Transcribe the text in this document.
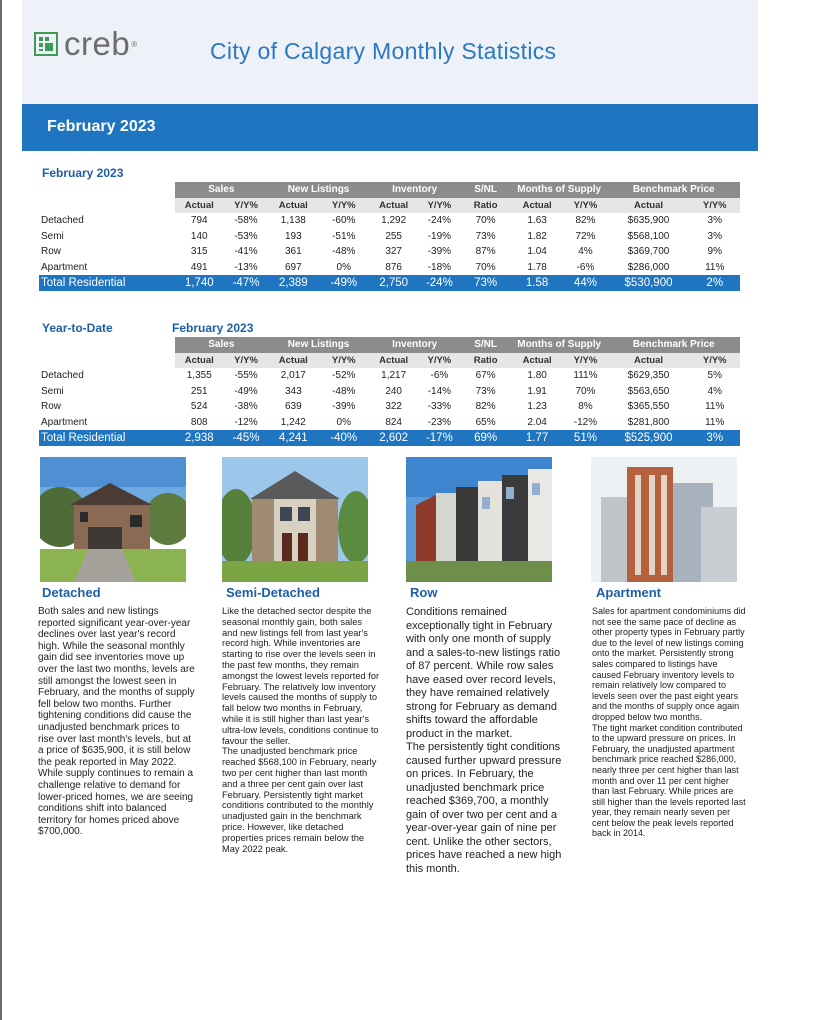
creb ®	City of Calgary Monthly Statistics
February 2023
February 2023
	Sales		New Listings		Inventory		S/NL	Months of Supply		Benchmark Price	
	Actual	Y/Y%	Actual	Y/Y%	Actual	Y/Y%	Ratio	Actual	Y/Y%	Actual	Y/Y%
Detached	794	-58%	1,138	-60%	1,292	-24%	70%	1.63	82%	$635,900	3%
Semi	140	-53%	193	-51%	255	-19%	73%	1.82	72%	$568,100	3%
Row	315	-41%	361	-48%	327	-39%	87%	1.04	4%	$369,700	9%
Apartment	491	-13%	697	0%	876	-18%	70%	1.78	-6%	$286,000	11%
Total Residential	1,740	-47%	2,389	-49%	2,750	-24%	73%	1.58	44%	$530,900	2%
Year-to-Date	February 2023
	Sales		New Listings		Inventory		S/NL	Months of Supply		Benchmark Price	
	Actual	Y/Y%	Actual	Y/Y%	Actual	Y/Y%	Ratio	Actual	Y/Y%	Actual	Y/Y%
Detached	1,355	-55%	2,017	-52%	1,217	-6%	67%	1.80	111%	$629,350	5%
Semi	251	-49%	343	-48%	240	-14%	73%	1.91	70%	$563,650	4%
Row	524	-38%	639	-39%	322	-33%	82%	1.23	8%	$365,550	11%
Apartment	808	-12%	1,242	0%	824	-23%	65%	2.04	-12%	$281,800	11%
Total Residential	2,938	-45%	4,241	-40%	2,602	-17%	69%	1.77	51%	$525,900	3%
Detached	Semi-Detached	Row	Apartment
Both sales and new listings reported significant year-over-year declines over last year's record high. While the seasonal monthly gain did see inventories move up over the last two months, levels are still amongst the lowest seen in February, and the months of supply fell below two months. Further tightening conditions did cause the unadjusted benchmark prices to rise over last month's levels, but at a price of $635,900, it is still below the peak reported in May 2022. While supply continues to remain a challenge relative to demand for lower-priced homes, we are seeing conditions shift into balanced territory for homes priced above $700,000.
Like the detached sector despite the seasonal monthly gain, both sales and new listings fell from last year's record high. While inventories are starting to rise over the levels seen in the past few months, they remain amongst the lowest levels reported for February. The relatively low inventory levels caused the months of supply to fall below two months in February, while it is still higher than last year's ultra-low levels, conditions continue to favour the seller.
The unadjusted benchmark price reached $568,100 in February, nearly two per cent higher than last month and a three per cent gain over last February. Persistently tight market conditions contributed to the monthly unadjusted gain in the benchmark price. However, like detached properties prices remain below the May 2022 peak.
Conditions remained exceptionally tight in February with only one month of supply and a sales-to-new listings ratio of 87 percent. While row sales have eased over record levels, they have remained relatively strong for February as demand shifts toward the affordable product in the market.
The persistently tight conditions caused further upward pressure on prices. In February, the unadjusted benchmark price reached $369,700, a monthly gain of over two per cent and a year-over-year gain of nine per cent. Unlike the other sectors, prices have reached a new high this month.
Sales for apartment condominiums did not see the same pace of decline as other property types in February partly due to the level of new listings coming onto the market. Persistently strong sales compared to listings have caused February inventory levels to remain relatively low compared to levels seen over the past eight years and the months of supply once again dropped below two months.
The tight market condition contributed to the upward pressure on prices. In February, the unadjusted apartment benchmark price reached $286,000, nearly three per cent higher than last month and over 11 per cent higher than last February. While prices are still higher than the levels reported last year, they remain nearly seven per cent below the peak levels reported back in 2014.
